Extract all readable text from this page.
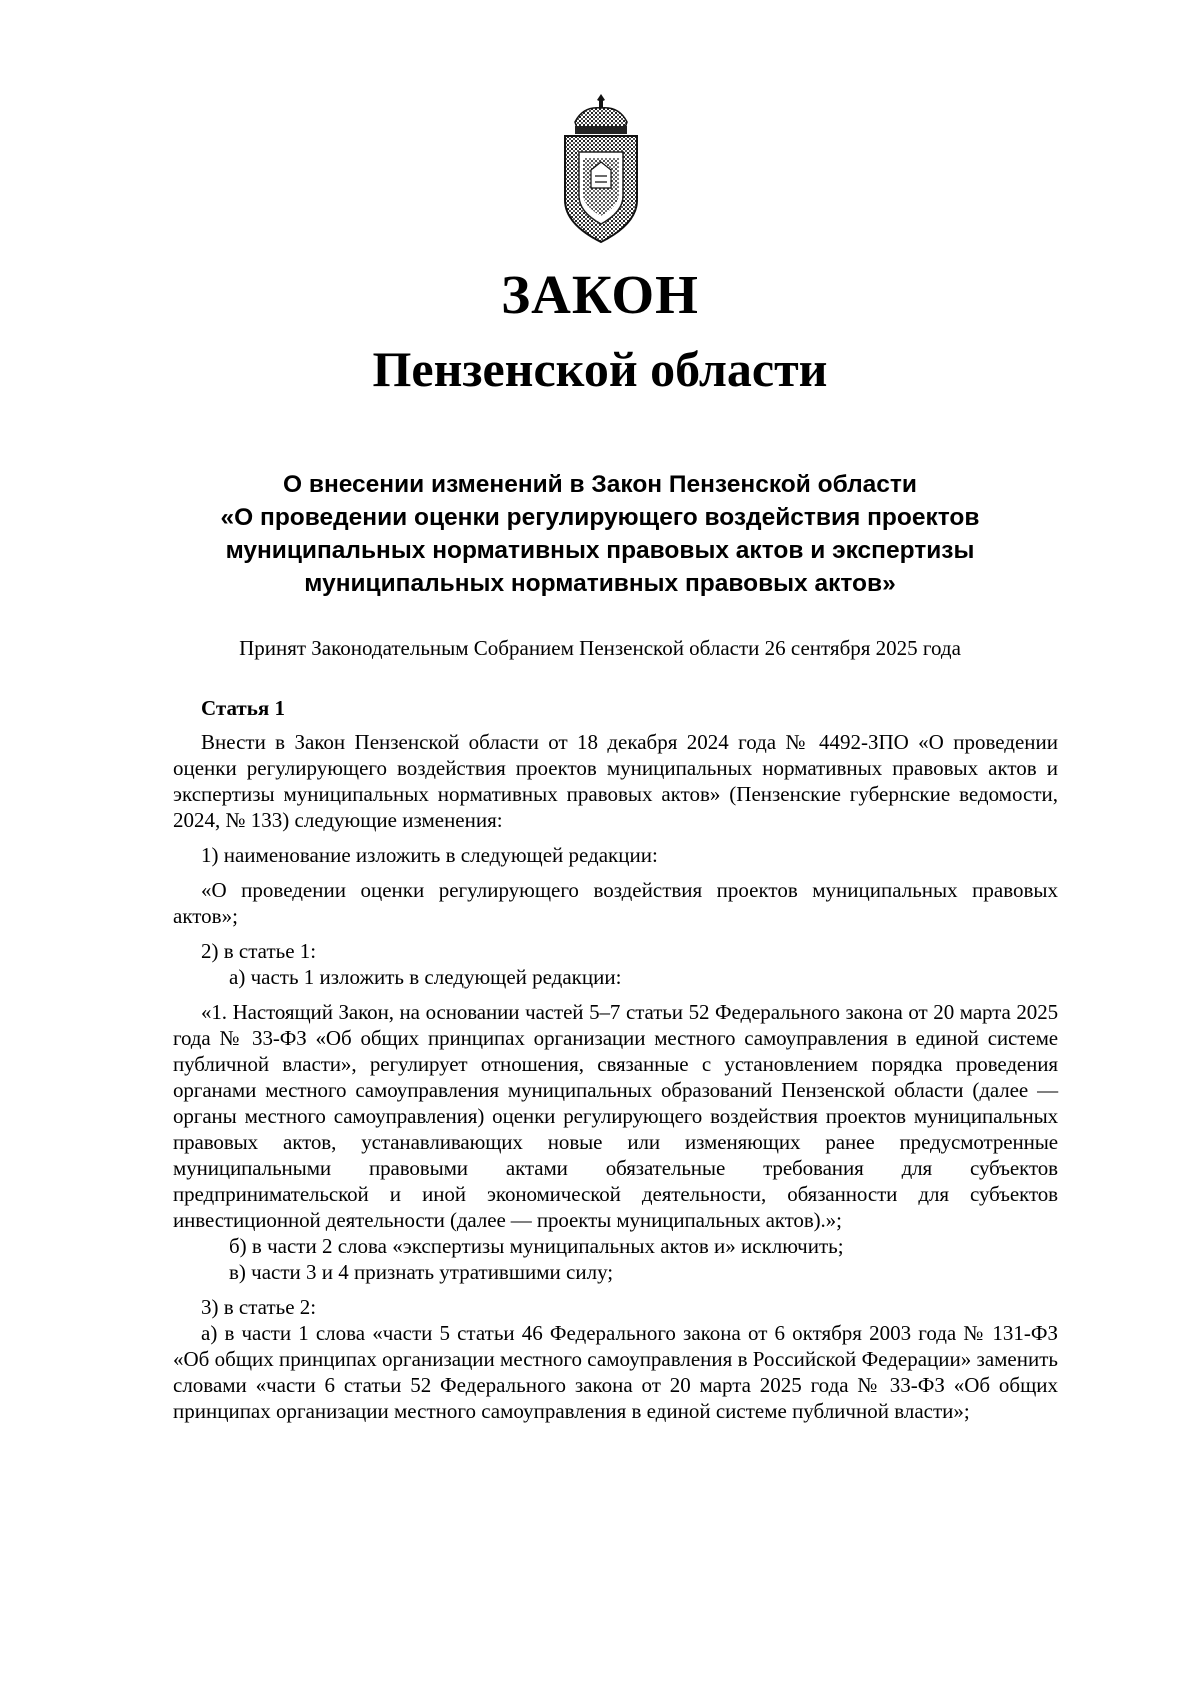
ЗАКОН
Пензенской области
О внесении изменений в Закон Пензенской области
«О проведении оценки регулирующего воздействия проектов
муниципальных нормативных правовых актов и экспертизы
муниципальных нормативных правовых актов»

Принят Законодательным Собранием Пензенской области 26 сентября 2025 года

Статья 1

Внести в Закон Пензенской области от 18 декабря 2024 года № 4492-ЗПО «О проведении оценки регулирующего воздействия проектов муниципальных нормативных правовых актов и экспертизы муниципальных нормативных правовых актов» (Пензенские губернские ведомости, 2024, № 133) следующие изменения:

1) наименование изложить в следующей редакции:

«О проведении оценки регулирующего воздействия проектов муниципальных правовых актов»;

2) в статье 1:

а) часть 1 изложить в следующей редакции:

«1. Настоящий Закон, на основании частей 5–7 статьи 52 Федерального закона от 20 марта 2025 года № 33-ФЗ «Об общих принципах организации местного самоуправления в единой системе публичной власти», регулирует отношения, связанные с установлением порядка проведения органами местного самоуправления муниципальных образований Пензенской области (далее — органы местного самоуправления) оценки регулирующего воздействия проектов муниципальных правовых актов, устанавливающих новые или изменяющих ранее предусмотренные муниципальными правовыми актами обязательные требования для субъектов предпринимательской и иной экономической деятельности, обязанности для субъектов инвестиционной деятельности (далее — проекты муниципальных актов).»;

б) в части 2 слова «экспертизы муниципальных актов и» исключить;

в) части 3 и 4 признать утратившими силу;

3) в статье 2:

а) в части 1 слова «части 5 статьи 46 Федерального закона от 6 октября 2003 года № 131-ФЗ «Об общих принципах организации местного самоуправления в Российской Федерации» заменить словами «части 6 статьи 52 Федерального закона от 20 марта 2025 года № 33-ФЗ «Об общих принципах организации местного самоуправления в единой системе публичной власти»;
